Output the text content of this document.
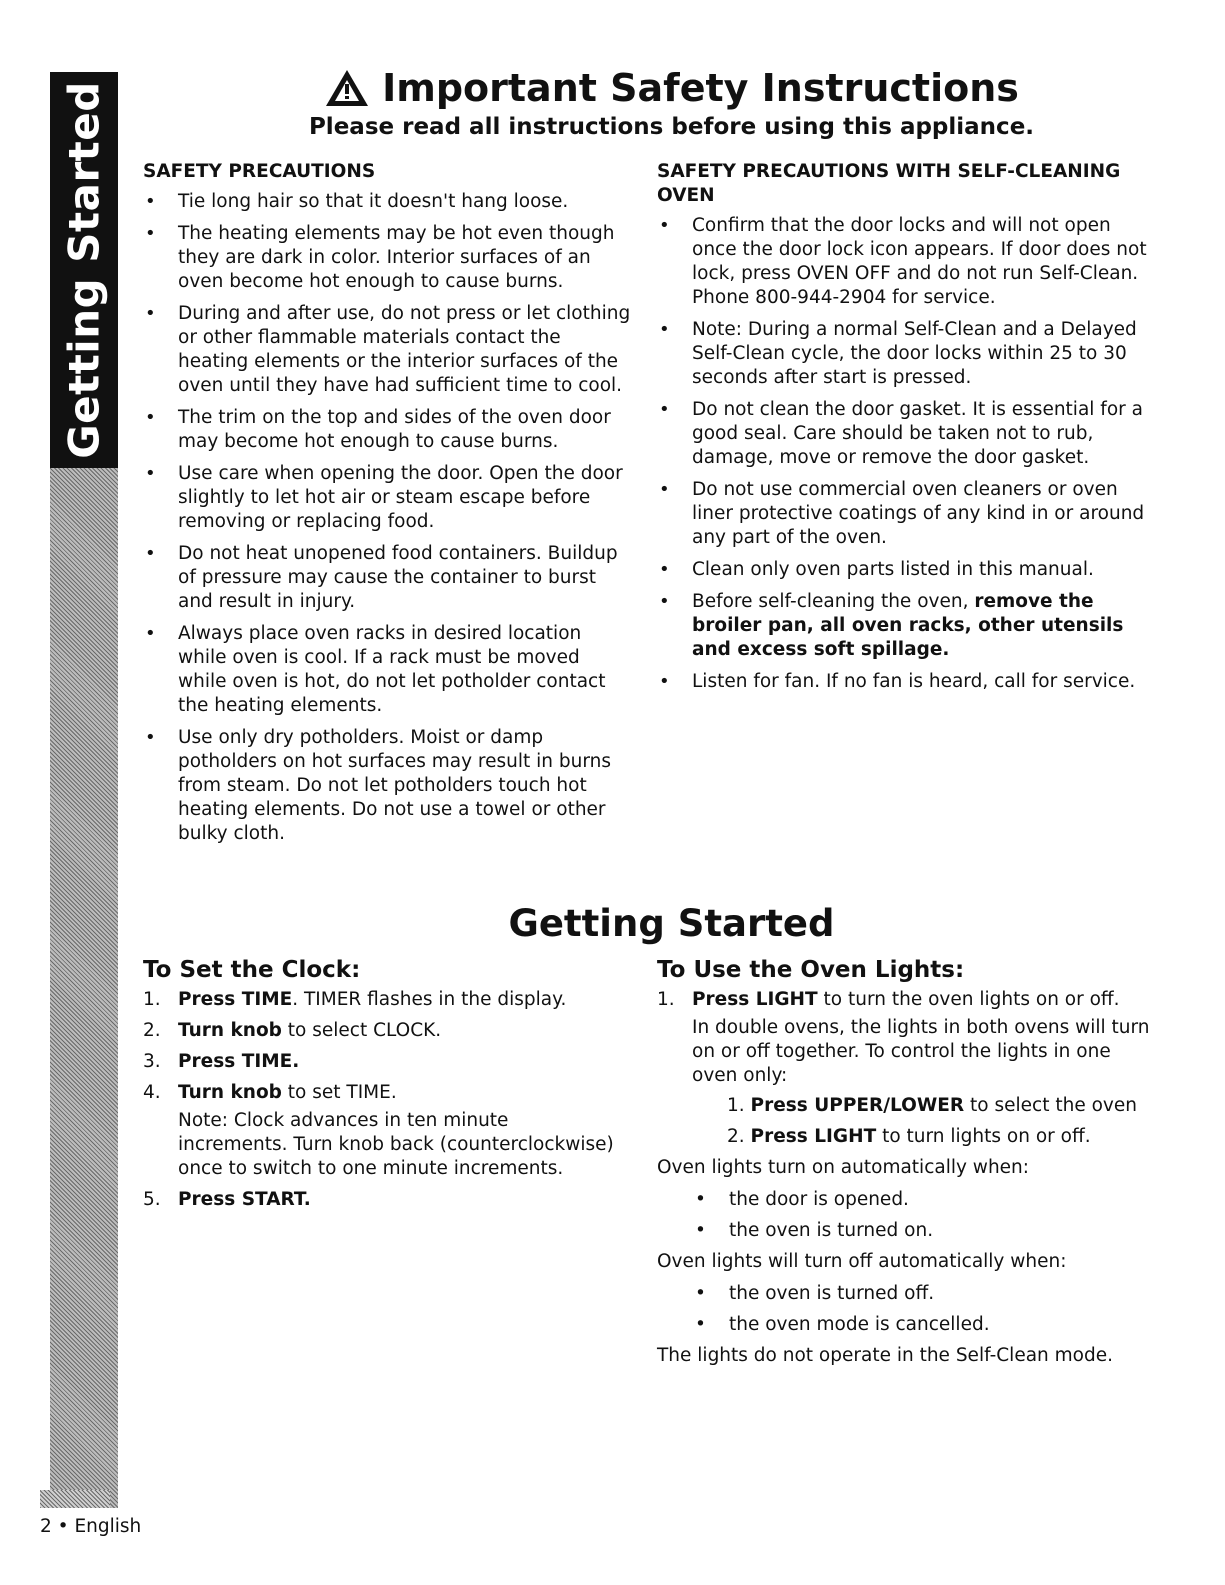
Getting Started	Important Safety Instructions
Please read all instructions before using this appliance.
SAFETY PRECAUTIONS
• Tie long hair so that it doesn't hang loose.
• The heating elements may be hot even though they are dark in color. Interior surfaces of an oven become hot enough to cause burns.
• During and after use, do not press or let clothing or other flammable materials contact the heating elements or the interior surfaces of the oven until they have had sufficient time to cool.
• The trim on the top and sides of the oven door may become hot enough to cause burns.
• Use care when opening the door. Open the door slightly to let hot air or steam escape before removing or replacing food.
• Do not heat unopened food containers. Buildup of pressure may cause the container to burst and result in injury.
• Always place oven racks in desired location while oven is cool. If a rack must be moved while oven is hot, do not let potholder contact the heating elements.
• Use only dry potholders. Moist or damp potholders on hot surfaces may result in burns from steam. Do not let potholders touch hot heating elements. Do not use a towel or other bulky cloth.
SAFETY PRECAUTIONS WITH SELF-CLEANING OVEN
• Confirm that the door locks and will not open once the door lock icon appears. If door does not lock, press OVEN OFF and do not run Self-Clean. Phone 800-944-2904 for service.
• Note: During a normal Self-Clean and a Delayed Self-Clean cycle, the door locks within 25 to 30 seconds after start is pressed.
• Do not clean the door gasket. It is essential for a good seal. Care should be taken not to rub, damage, move or remove the door gasket.
• Do not use commercial oven cleaners or oven liner protective coatings of any kind in or around any part of the oven.
• Clean only oven parts listed in this manual.
• Before self-cleaning the oven, remove the broiler pan, all oven racks, other utensils and excess soft spillage.
• Listen for fan. If no fan is heard, call for service.
Getting Started
To Set the Clock:
1. Press TIME. TIMER flashes in the display.
2. Turn knob to select CLOCK.
3. Press TIME.
4. Turn knob to set TIME.
Note: Clock advances in ten minute increments. Turn knob back (counterclockwise) once to switch to one minute increments.
5. Press START.
To Use the Oven Lights:
1. Press LIGHT to turn the oven lights on or off.
In double ovens, the lights in both ovens will turn on or off together. To control the lights in one oven only:
1. Press UPPER/LOWER to select the oven
2. Press LIGHT to turn lights on or off.
Oven lights turn on automatically when:
• the door is opened.
• the oven is turned on.
Oven lights will turn off automatically when:
• the oven is turned off.
• the oven mode is cancelled.
The lights do not operate in the Self-Clean mode.
2 • English
